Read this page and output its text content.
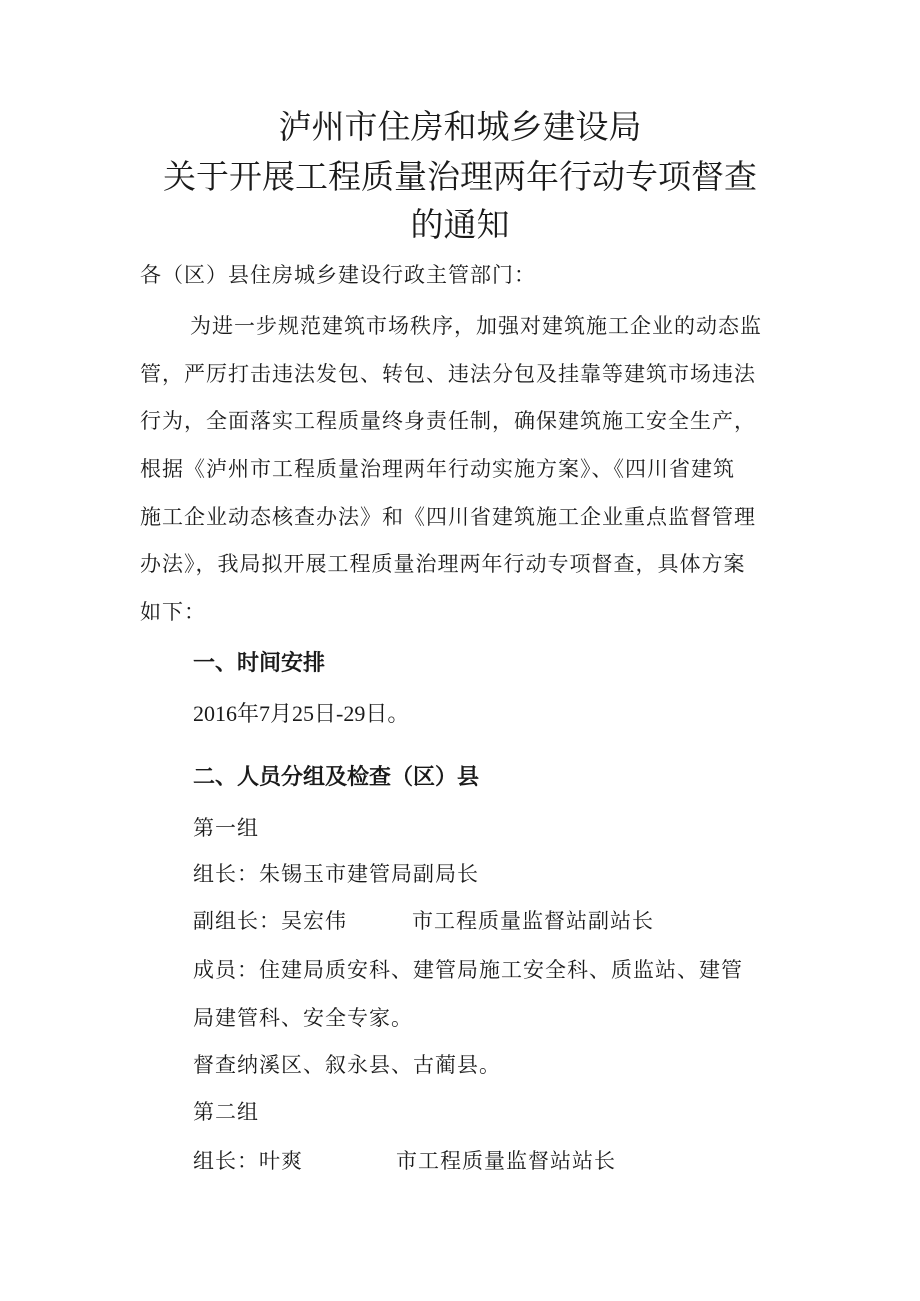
泸州市住房和城乡建设局
关于开展工程质量治理两年行动专项督查
的通知
各（区）县住房城乡建设行政主管部门：
为进一步规范建筑市场秩序，加强对建筑施工企业的动态监
管，严厉打击违法发包、转包、违法分包及挂靠等建筑市场违法
行为，全面落实工程质量终身责任制，确保建筑施工安全生产，
根据《泸州市工程质量治理两年行动实施方案》、《四川省建筑
施工企业动态核查办法》和《四川省建筑施工企业重点监督管理
办法》，我局拟开展工程质量治理两年行动专项督查，具体方案
如下：
一、时间安排
2016年7月25日-29日。
二、人员分组及检查（区）县
第一组
组长：朱锡玉市建管局副局长
副组长：吴宏伟	市工程质量监督站副站长
成员：住建局质安科、建管局施工安全科、质监站、建管
局建管科、安全专家。
督查纳溪区、叙永县、古蔺县。
第二组
组长：叶爽	市工程质量监督站站长
